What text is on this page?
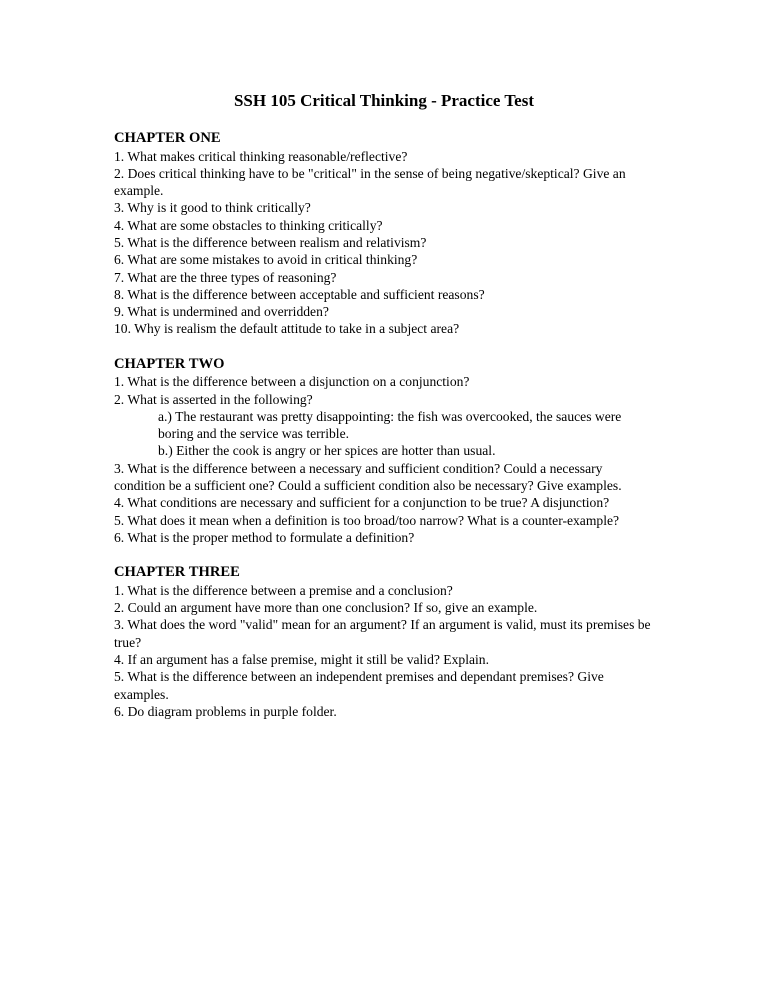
SSH 105 Critical Thinking - Practice Test
CHAPTER ONE

1. What makes critical thinking reasonable/reflective?

2. Does critical thinking have to be "critical" in the sense of being negative/skeptical? Give an example.

3. Why is it good to think critically?

4. What are some obstacles to thinking critically?

5. What is the difference between realism and relativism?

6. What are some mistakes to avoid in critical thinking?

7. What are the three types of reasoning?

8. What is the difference between acceptable and sufficient reasons?

9. What is undermined and overridden?

10. Why is realism the default attitude to take in a subject area?

CHAPTER TWO

1. What is the difference between a disjunction on a conjunction?

2. What is asserted in the following?

a.) The restaurant was pretty disappointing: the fish was overcooked, the sauces were boring and the service was terrible.

b.) Either the cook is angry or her spices are hotter than usual.

3. What is the difference between a necessary and sufficient condition? Could a necessary condition be a sufficient one? Could a sufficient condition also be necessary? Give examples.

4. What conditions are necessary and sufficient for a conjunction to be true? A disjunction?

5. What does it mean when a definition is too broad/too narrow? What is a counter-example?

6. What is the proper method to formulate a definition?

CHAPTER THREE

1. What is the difference between a premise and a conclusion?

2. Could an argument have more than one conclusion? If so, give an example.

3. What does the word "valid" mean for an argument? If an argument is valid, must its premises be true?

4. If an argument has a false premise, might it still be valid? Explain.

5. What is the difference between an independent premises and dependant premises? Give examples.

6. Do diagram problems in purple folder.
